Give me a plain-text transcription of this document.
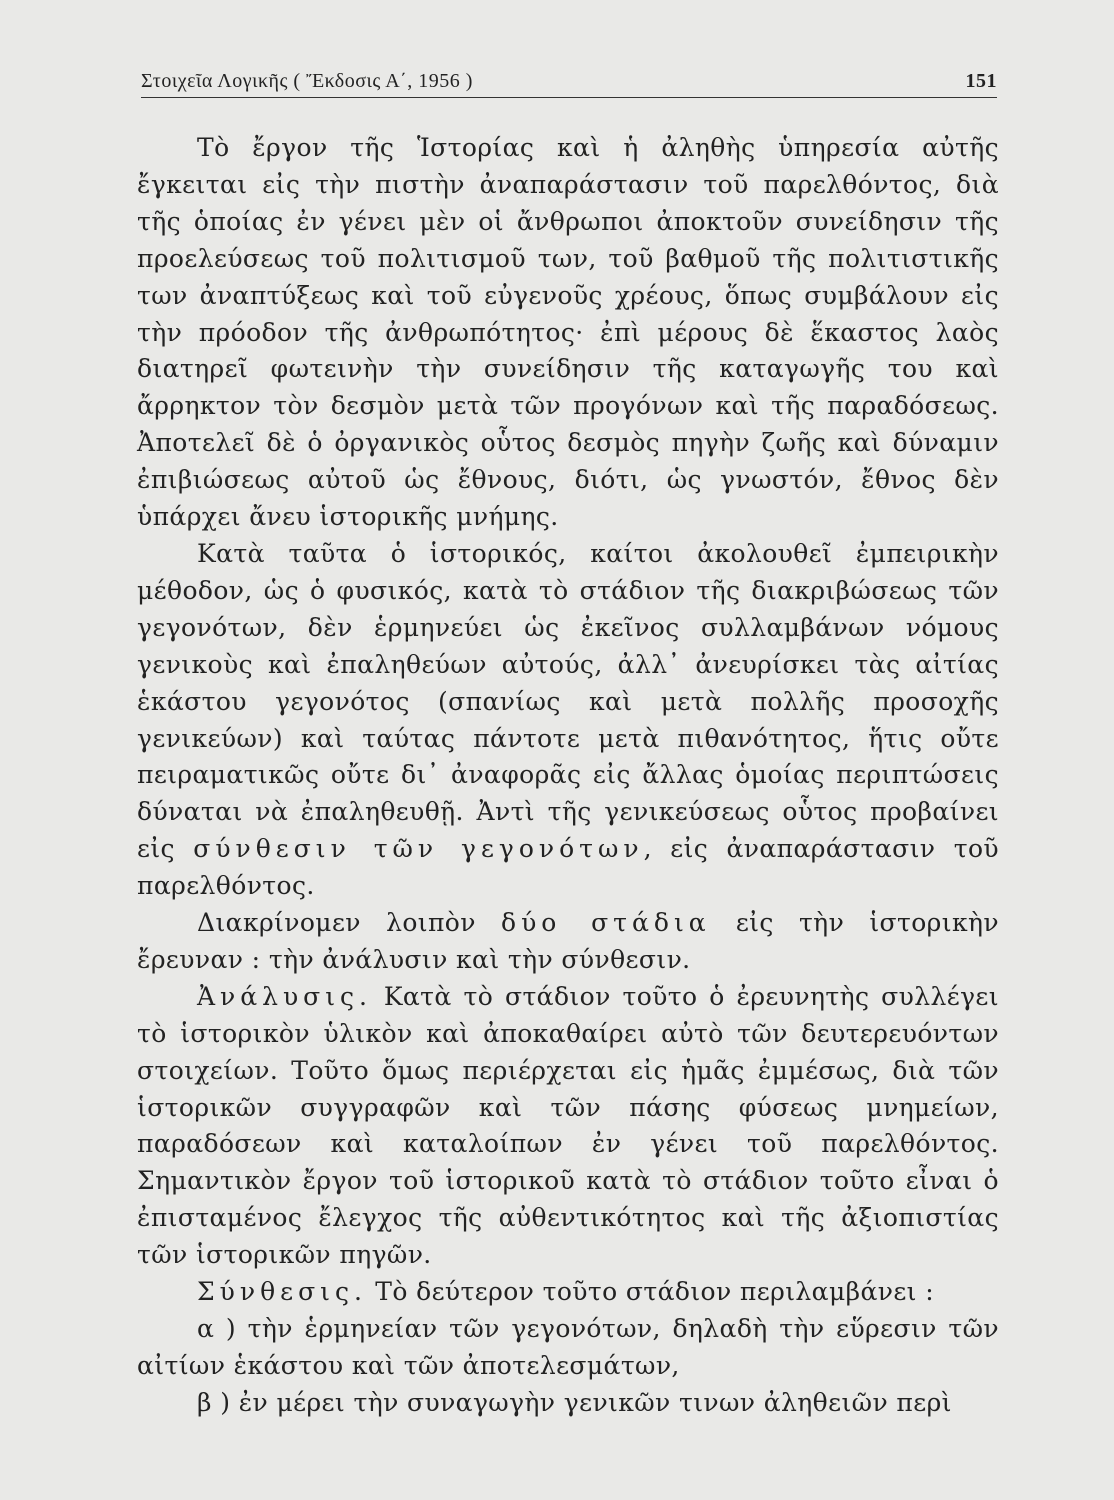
Στοιχεῖα Λογικῆς ( Ἔκδοσις Α΄, 1956 )	151

Τὸ ἔργον τῆς Ἱστορίας καὶ ἡ ἀληθὴς ὑπηρεσία αὐτῆς ἔγκειται εἰς τὴν πιστὴν ἀναπαράστασιν τοῦ παρελθόντος, διὰ τῆς ὁποίας ἐν γένει μὲν οἱ ἄνθρωποι ἀποκτοῦν συνείδησιν τῆς προελεύσεως τοῦ πολιτισμοῦ των, τοῦ βαθμοῦ τῆς πολιτιστικῆς των ἀναπτύξεως καὶ τοῦ εὐγενοῦς χρέους, ὅπως συμβάλουν εἰς τὴν πρόοδον τῆς ἀνθρωπότητος· ἐπὶ μέρους δὲ ἕκαστος λαὸς διατηρεῖ φωτεινὴν τὴν συνείδησιν τῆς καταγωγῆς του καὶ ἄρρηκτον τὸν δεσμὸν μετὰ τῶν προγόνων καὶ τῆς παραδόσεως. Ἀποτελεῖ δὲ ὁ ὀργανικὸς οὗτος δεσμὸς πηγὴν ζωῆς καὶ δύναμιν ἐπιβιώσεως αὐτοῦ ὡς ἔθνους, διότι, ὡς γνωστόν, ἔθνος δὲν ὑπάρχει ἄνευ ἱστορικῆς μνήμης.

Κατὰ ταῦτα ὁ ἱστορικός, καίτοι ἀκολουθεῖ ἐμπειρικὴν μέθοδον, ὡς ὁ φυσικός, κατὰ τὸ στάδιον τῆς διακριβώσεως τῶν γεγονότων, δὲν ἑρμηνεύει ὡς ἐκεῖνος συλλαμβάνων νόμους γενικοὺς καὶ ἐπαληθεύων αὐτούς, ἀλλ᾽ ἀνευρίσκει τὰς αἰτίας ἑκάστου γεγονότος (σπανίως καὶ μετὰ πολλῆς προσοχῆς γενικεύων) καὶ ταύτας πάντοτε μετὰ πιθανότητος, ἥτις οὔτε πειραματικῶς οὔτε δι᾽ ἀναφορᾶς εἰς ἄλλας ὁμοίας περιπτώσεις δύναται νὰ ἐπαληθευθῇ. Ἀντὶ τῆς γενικεύσεως οὗτος προβαίνει εἰς σύνθεσιν τῶν γεγονότων, εἰς ἀναπαράστασιν τοῦ παρελθόντος.

Διακρίνομεν λοιπὸν δύο στάδια εἰς τὴν ἱστορικὴν ἔρευναν : τὴν ἀνάλυσιν καὶ τὴν σύνθεσιν.

Ἀνάλυσις. Κατὰ τὸ στάδιον τοῦτο ὁ ἐρευνητὴς συλλέγει τὸ ἱστορικὸν ὑλικὸν καὶ ἀποκαθαίρει αὐτὸ τῶν δευτερευόντων στοιχείων. Τοῦτο ὅμως περιέρχεται εἰς ἡμᾶς ἐμμέσως, διὰ τῶν ἱστορικῶν συγγραφῶν καὶ τῶν πάσης φύσεως μνημείων, παραδόσεων καὶ καταλοίπων ἐν γένει τοῦ παρελθόντος. Σημαντικὸν ἔργον τοῦ ἱστορικοῦ κατὰ τὸ στάδιον τοῦτο εἶναι ὁ ἐπισταμένος ἔλεγχος τῆς αὐθεντικότητος καὶ τῆς ἀξιοπιστίας τῶν ἱστορικῶν πηγῶν.

Σύνθεσις. Τὸ δεύτερον τοῦτο στάδιον περιλαμβάνει :

α ) τὴν ἑρμηνείαν τῶν γεγονότων, δηλαδὴ τὴν εὕρεσιν τῶν αἰτίων ἑκάστου καὶ τῶν ἀποτελεσμάτων,

β ) ἐν μέρει τὴν συναγωγὴν γενικῶν τινων ἀληθειῶν περὶ
